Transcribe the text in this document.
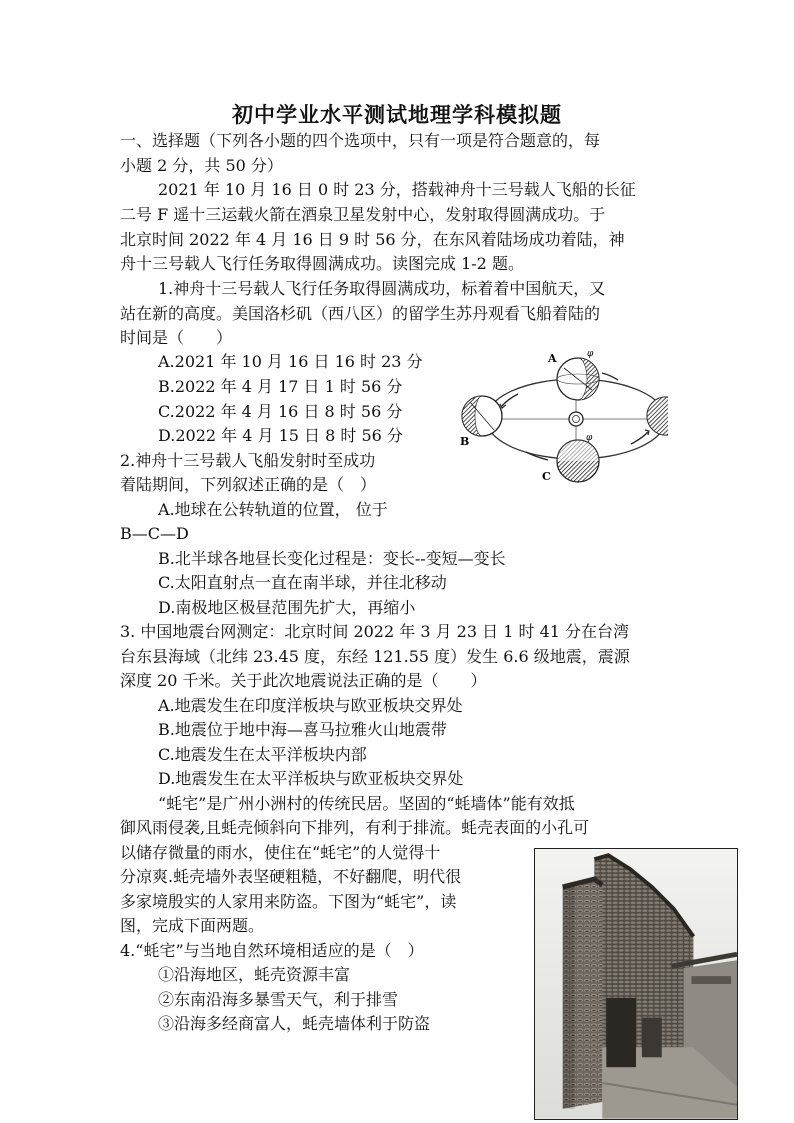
初中学业水平测试地理学科模拟题
一、选择题（下列各小题的四个选项中，只有一项是符合题意的，每
小题 2 分，共 50 分）
2021 年 10 月 16 日 0 时 23 分，搭载神舟十三号载人飞船的长征
二号 F 遥十三运载火箭在酒泉卫星发射中心，发射取得圆满成功。于
北京时间 2022 年 4 月 16 日 9 时 56 分，在东风着陆场成功着陆，神
舟十三号载人飞行任务取得圆满成功。读图完成 1-2 题。
1.神舟十三号载人飞行任务取得圆满成功，标着着中国航天，又
站在新的高度。美国洛杉矶（西八区）的留学生苏丹观看飞船着陆的
时间是（　　）
A.2021 年 10 月 16 日 16 时 23 分
B.2022 年 4 月 17 日 1 时 56 分
C.2022 年 4 月 16 日 8 时 56 分
D.2022 年 4 月 15 日 8 时 56 分
2.神舟十三号载人飞船发射时至成功
着陆期间，下列叙述正确的是（　）
A.地球在公转轨道的位置， 位于
B—C—D
B.北半球各地昼长变化过程是：变长--变短—变长
C.太阳直射点一直在南半球，并往北移动
D.南极地区极昼范围先扩大，再缩小
3. 中国地震台网测定：北京时间 2022 年 3 月 23 日 1 时 41 分在台湾
台东县海域（北纬 23.45 度，东经 121.55 度）发生 6.6 级地震，震源
深度 20 千米。关于此次地震说法正确的是（　　）
A.地震发生在印度洋板块与欧亚板块交界处
B.地震位于地中海—喜马拉雅火山地震带
C.地震发生在太平洋板块内部
D.地震发生在太平洋板块与欧亚板块交界处
“蚝宅”是广州小洲村的传统民居。坚固的“蚝墙体”能有效抵
御风雨侵袭,且蚝壳倾斜向下排列，有利于排流。蚝壳表面的小孔可
以储存微量的雨水，使住在“蚝宅”的人觉得十
分凉爽.蚝壳墙外表坚硬粗糙，不好翻爬，明代很
多家境殷实的人家用来防盗。下图为“蚝宅”，读
图，完成下面两题。
4.“蚝宅”与当地自然环境相适应的是（　）
①沿海地区，蚝壳资源丰富
②东南沿海多暴雪天气，利于排雪
③沿海多经商富人，蚝壳墙体利于防盗
A
B
C
φ
φ
